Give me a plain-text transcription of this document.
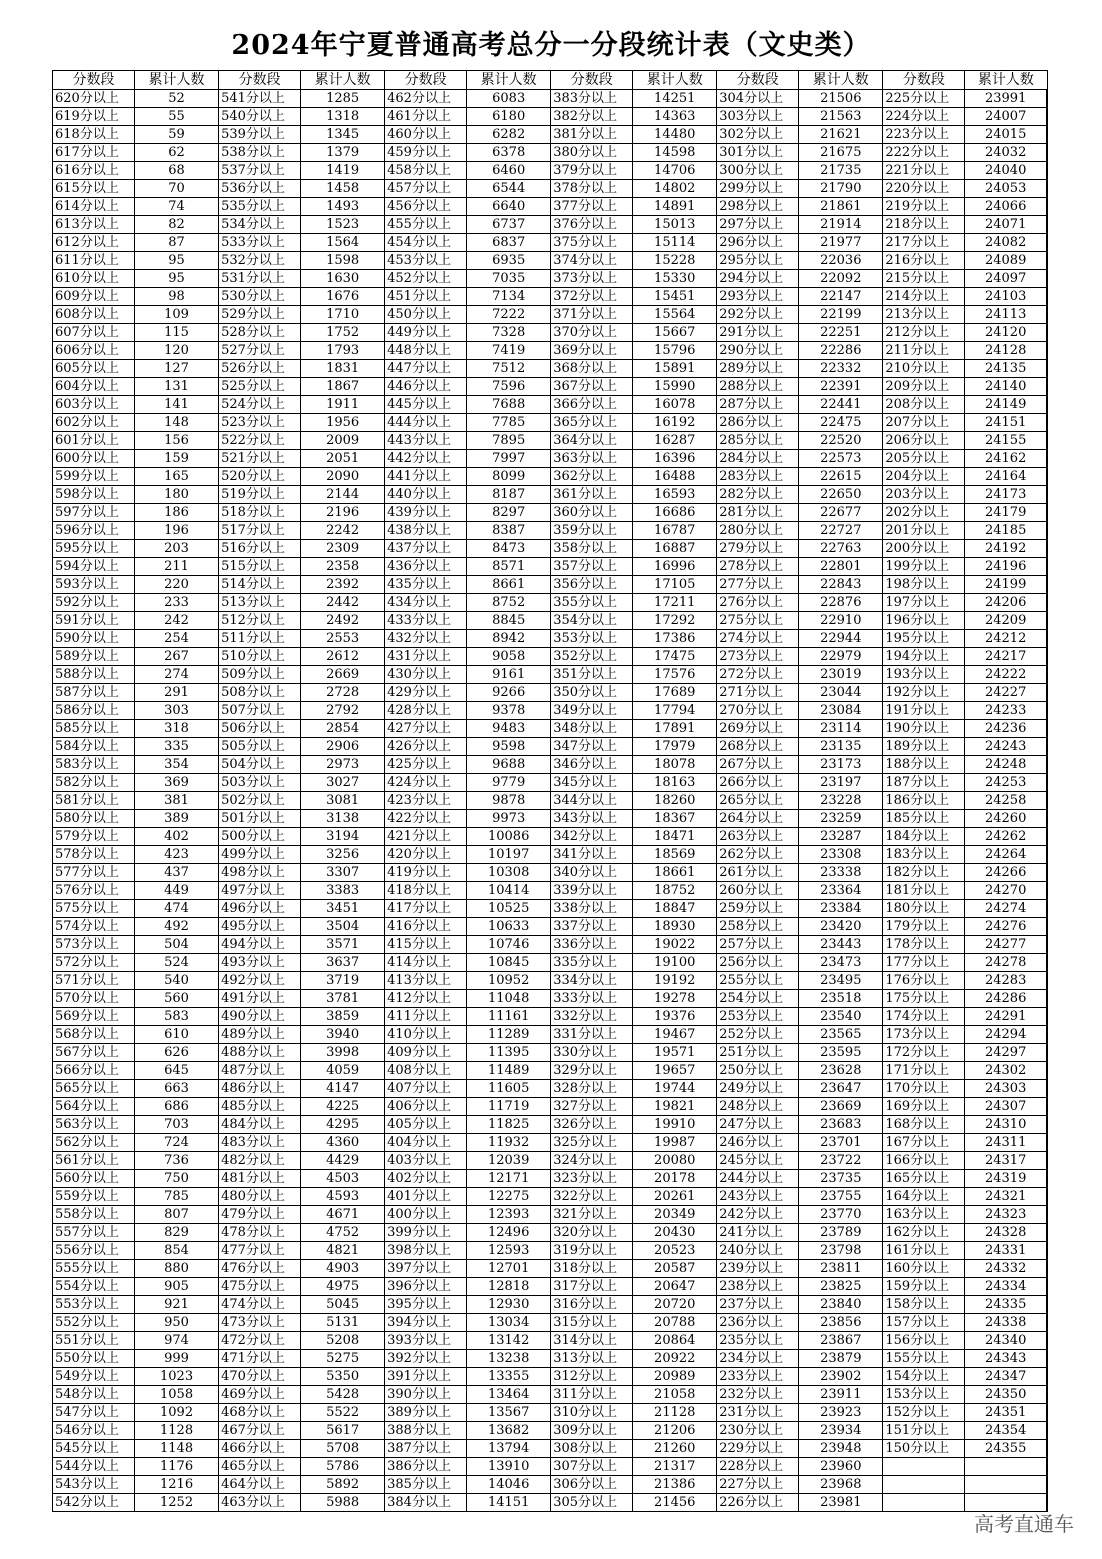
2024年宁夏普通高考总分一分段统计表（文史类）
分数段	累计人数	分数段	累计人数	分数段	累计人数	分数段	累计人数	分数段	累计人数	分数段	累计人数
620分以上	52	541分以上	1285	462分以上	6083	383分以上	14251	304分以上	21506	225分以上	23991
619分以上	55	540分以上	1318	461分以上	6180	382分以上	14363	303分以上	21563	224分以上	24007
618分以上	59	539分以上	1345	460分以上	6282	381分以上	14480	302分以上	21621	223分以上	24015
617分以上	62	538分以上	1379	459分以上	6378	380分以上	14598	301分以上	21675	222分以上	24032
616分以上	68	537分以上	1419	458分以上	6460	379分以上	14706	300分以上	21735	221分以上	24040
615分以上	70	536分以上	1458	457分以上	6544	378分以上	14802	299分以上	21790	220分以上	24053
614分以上	74	535分以上	1493	456分以上	6640	377分以上	14891	298分以上	21861	219分以上	24066
613分以上	82	534分以上	1523	455分以上	6737	376分以上	15013	297分以上	21914	218分以上	24071
612分以上	87	533分以上	1564	454分以上	6837	375分以上	15114	296分以上	21977	217分以上	24082
611分以上	95	532分以上	1598	453分以上	6935	374分以上	15228	295分以上	22036	216分以上	24089
610分以上	95	531分以上	1630	452分以上	7035	373分以上	15330	294分以上	22092	215分以上	24097
609分以上	98	530分以上	1676	451分以上	7134	372分以上	15451	293分以上	22147	214分以上	24103
608分以上	109	529分以上	1710	450分以上	7222	371分以上	15564	292分以上	22199	213分以上	24113
607分以上	115	528分以上	1752	449分以上	7328	370分以上	15667	291分以上	22251	212分以上	24120
606分以上	120	527分以上	1793	448分以上	7419	369分以上	15796	290分以上	22286	211分以上	24128
605分以上	127	526分以上	1831	447分以上	7512	368分以上	15891	289分以上	22332	210分以上	24135
604分以上	131	525分以上	1867	446分以上	7596	367分以上	15990	288分以上	22391	209分以上	24140
603分以上	141	524分以上	1911	445分以上	7688	366分以上	16078	287分以上	22441	208分以上	24149
602分以上	148	523分以上	1956	444分以上	7785	365分以上	16192	286分以上	22475	207分以上	24151
601分以上	156	522分以上	2009	443分以上	7895	364分以上	16287	285分以上	22520	206分以上	24155
600分以上	159	521分以上	2051	442分以上	7997	363分以上	16396	284分以上	22573	205分以上	24162
599分以上	165	520分以上	2090	441分以上	8099	362分以上	16488	283分以上	22615	204分以上	24164
598分以上	180	519分以上	2144	440分以上	8187	361分以上	16593	282分以上	22650	203分以上	24173
597分以上	186	518分以上	2196	439分以上	8297	360分以上	16686	281分以上	22677	202分以上	24179
596分以上	196	517分以上	2242	438分以上	8387	359分以上	16787	280分以上	22727	201分以上	24185
595分以上	203	516分以上	2309	437分以上	8473	358分以上	16887	279分以上	22763	200分以上	24192
594分以上	211	515分以上	2358	436分以上	8571	357分以上	16996	278分以上	22801	199分以上	24196
593分以上	220	514分以上	2392	435分以上	8661	356分以上	17105	277分以上	22843	198分以上	24199
592分以上	233	513分以上	2442	434分以上	8752	355分以上	17211	276分以上	22876	197分以上	24206
591分以上	242	512分以上	2492	433分以上	8845	354分以上	17292	275分以上	22910	196分以上	24209
590分以上	254	511分以上	2553	432分以上	8942	353分以上	17386	274分以上	22944	195分以上	24212
589分以上	267	510分以上	2612	431分以上	9058	352分以上	17475	273分以上	22979	194分以上	24217
588分以上	274	509分以上	2669	430分以上	9161	351分以上	17576	272分以上	23019	193分以上	24222
587分以上	291	508分以上	2728	429分以上	9266	350分以上	17689	271分以上	23044	192分以上	24227
586分以上	303	507分以上	2792	428分以上	9378	349分以上	17794	270分以上	23084	191分以上	24233
585分以上	318	506分以上	2854	427分以上	9483	348分以上	17891	269分以上	23114	190分以上	24236
584分以上	335	505分以上	2906	426分以上	9598	347分以上	17979	268分以上	23135	189分以上	24243
583分以上	354	504分以上	2973	425分以上	9688	346分以上	18078	267分以上	23173	188分以上	24248
582分以上	369	503分以上	3027	424分以上	9779	345分以上	18163	266分以上	23197	187分以上	24253
581分以上	381	502分以上	3081	423分以上	9878	344分以上	18260	265分以上	23228	186分以上	24258
580分以上	389	501分以上	3138	422分以上	9973	343分以上	18367	264分以上	23259	185分以上	24260
579分以上	402	500分以上	3194	421分以上	10086	342分以上	18471	263分以上	23287	184分以上	24262
578分以上	423	499分以上	3256	420分以上	10197	341分以上	18569	262分以上	23308	183分以上	24264
577分以上	437	498分以上	3307	419分以上	10308	340分以上	18661	261分以上	23338	182分以上	24266
576分以上	449	497分以上	3383	418分以上	10414	339分以上	18752	260分以上	23364	181分以上	24270
575分以上	474	496分以上	3451	417分以上	10525	338分以上	18847	259分以上	23384	180分以上	24274
574分以上	492	495分以上	3504	416分以上	10633	337分以上	18930	258分以上	23420	179分以上	24276
573分以上	504	494分以上	3571	415分以上	10746	336分以上	19022	257分以上	23443	178分以上	24277
572分以上	524	493分以上	3637	414分以上	10845	335分以上	19100	256分以上	23473	177分以上	24278
571分以上	540	492分以上	3719	413分以上	10952	334分以上	19192	255分以上	23495	176分以上	24283
570分以上	560	491分以上	3781	412分以上	11048	333分以上	19278	254分以上	23518	175分以上	24286
569分以上	583	490分以上	3859	411分以上	11161	332分以上	19376	253分以上	23540	174分以上	24291
568分以上	610	489分以上	3940	410分以上	11289	331分以上	19467	252分以上	23565	173分以上	24294
567分以上	626	488分以上	3998	409分以上	11395	330分以上	19571	251分以上	23595	172分以上	24297
566分以上	645	487分以上	4059	408分以上	11489	329分以上	19657	250分以上	23628	171分以上	24302
565分以上	663	486分以上	4147	407分以上	11605	328分以上	19744	249分以上	23647	170分以上	24303
564分以上	686	485分以上	4225	406分以上	11719	327分以上	19821	248分以上	23669	169分以上	24307
563分以上	703	484分以上	4295	405分以上	11825	326分以上	19910	247分以上	23683	168分以上	24310
562分以上	724	483分以上	4360	404分以上	11932	325分以上	19987	246分以上	23701	167分以上	24311
561分以上	736	482分以上	4429	403分以上	12039	324分以上	20080	245分以上	23722	166分以上	24317
560分以上	750	481分以上	4503	402分以上	12171	323分以上	20178	244分以上	23735	165分以上	24319
559分以上	785	480分以上	4593	401分以上	12275	322分以上	20261	243分以上	23755	164分以上	24321
558分以上	807	479分以上	4671	400分以上	12393	321分以上	20349	242分以上	23770	163分以上	24323
557分以上	829	478分以上	4752	399分以上	12496	320分以上	20430	241分以上	23789	162分以上	24328
556分以上	854	477分以上	4821	398分以上	12593	319分以上	20523	240分以上	23798	161分以上	24331
555分以上	880	476分以上	4903	397分以上	12701	318分以上	20587	239分以上	23811	160分以上	24332
554分以上	905	475分以上	4975	396分以上	12818	317分以上	20647	238分以上	23825	159分以上	24334
553分以上	921	474分以上	5045	395分以上	12930	316分以上	20720	237分以上	23840	158分以上	24335
552分以上	950	473分以上	5131	394分以上	13034	315分以上	20788	236分以上	23856	157分以上	24338
551分以上	974	472分以上	5208	393分以上	13142	314分以上	20864	235分以上	23867	156分以上	24340
550分以上	999	471分以上	5275	392分以上	13238	313分以上	20922	234分以上	23879	155分以上	24343
549分以上	1023	470分以上	5350	391分以上	13355	312分以上	20989	233分以上	23902	154分以上	24347
548分以上	1058	469分以上	5428	390分以上	13464	311分以上	21058	232分以上	23911	153分以上	24350
547分以上	1092	468分以上	5522	389分以上	13567	310分以上	21128	231分以上	23923	152分以上	24351
546分以上	1128	467分以上	5617	388分以上	13682	309分以上	21206	230分以上	23934	151分以上	24354
545分以上	1148	466分以上	5708	387分以上	13794	308分以上	21260	229分以上	23948	150分以上	24355
544分以上	1176	465分以上	5786	386分以上	13910	307分以上	21317	228分以上	23960		
543分以上	1216	464分以上	5892	385分以上	14046	306分以上	21386	227分以上	23968		
542分以上	1252	463分以上	5988	384分以上	14151	305分以上	21456	226分以上	23981		
高考直通车
